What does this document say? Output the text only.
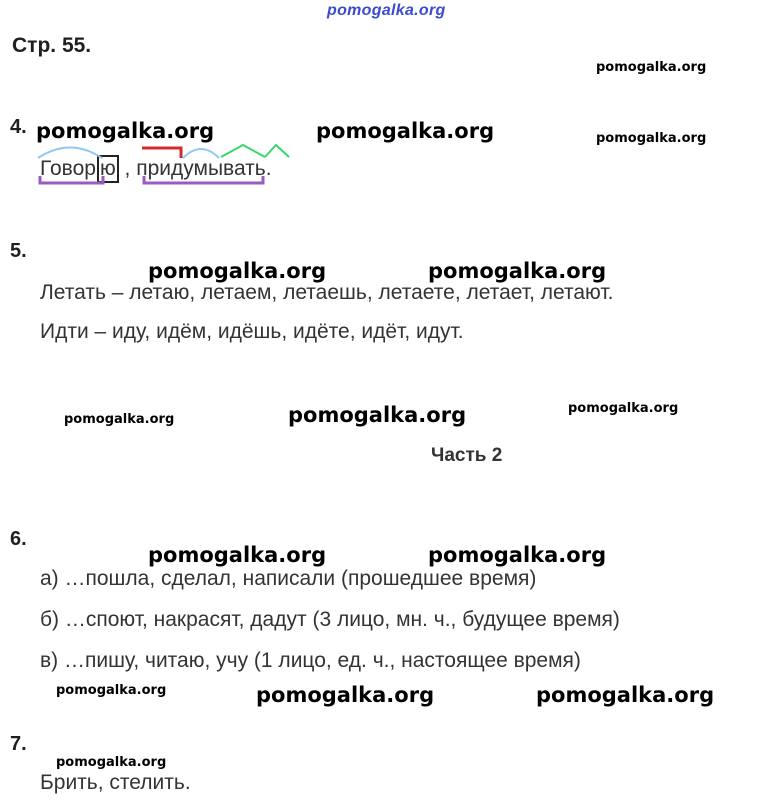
pomogalka.org
Стр. 55.
pomogalka.org
pomogalka.org	pomogalka.org	pomogalka.org
4.
Говор ю , придумывать.
5.
pomogalka.org	pomogalka.org
Летать – летаю, летаем, летаешь, летаете, летает, летают.
Идти – иду, идём, идёшь, идёте, идёт, идут.
pomogalka.org	pomogalka.org	pomogalka.org
Часть 2
6.
pomogalka.org	pomogalka.org
а) …пошла, сделал, написали (прошедшее время)
б) …споют, накрасят, дадут (3 лицо, мн. ч., будущее время)
в) …пишу, читаю, учу (1 лицо, ед. ч., настоящее время)
pomogalka.org	pomogalka.org	pomogalka.org
7.
pomogalka.org
Брить, стелить.
